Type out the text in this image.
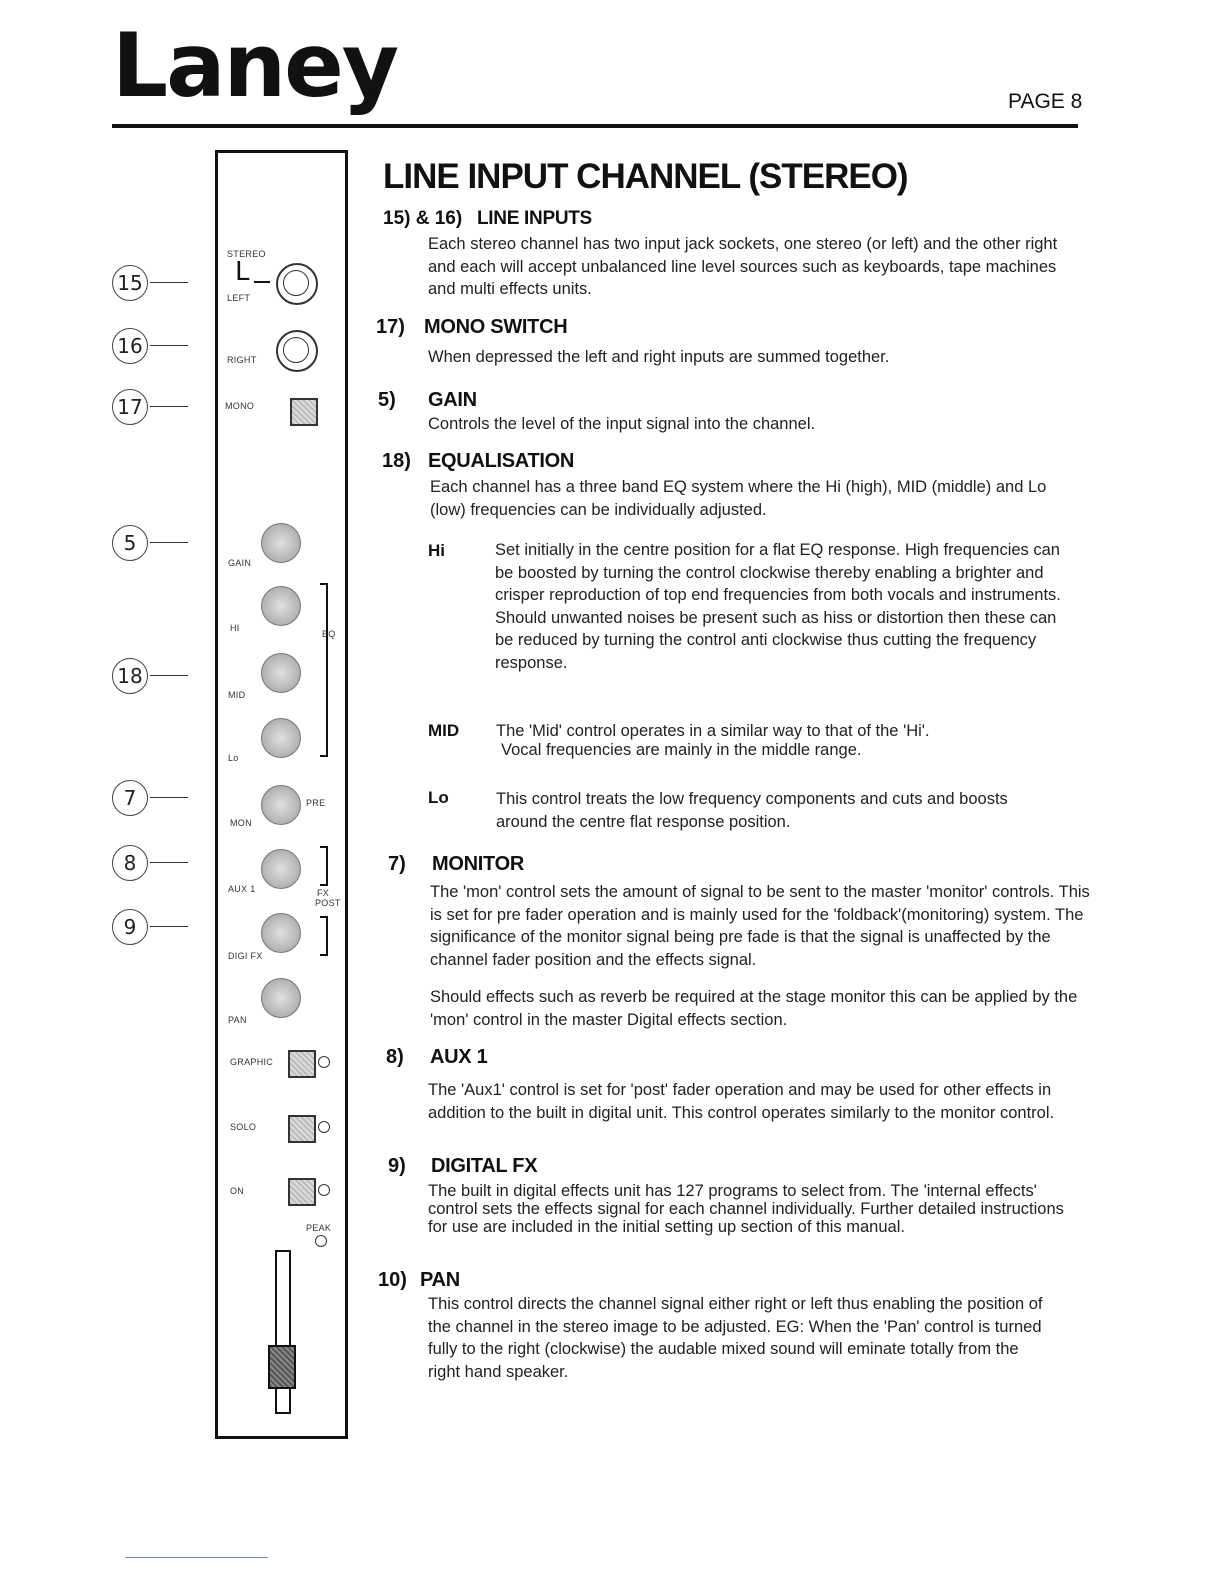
Laney	PAGE 8
LINE INPUT CHANNEL (STEREO)
STEREO
L
LEFT
RIGHT
MONO
GAIN
HI
EQ
MID
Lo
PRE
MON
AUX 1	FX
POST
DIGI FX
PAN
GRAPHIC
SOLO
ON
PEAK
15
16
17
5
18
7
8
9
15) & 16) LINE INPUTS
Each stereo channel has two input jack sockets, one stereo (or left) and the other right and each will accept unbalanced line level sources such as keyboards, tape machines and multi effects units.
17) MONO SWITCH
When depressed the left and right inputs are summed together.
5) GAIN
Controls the level of the input signal into the channel.
18) EQUALISATION
Each channel has a three band EQ system where the Hi (high), MID (middle) and Lo (low) frequencies can be individually adjusted.
Hi	Set initially in the centre position for a flat EQ response. High frequencies can be boosted by turning the control clockwise thereby enabling a brighter and crisper reproduction of top end frequencies from both vocals and instruments. Should unwanted noises be present such as hiss or distortion then these can be reduced by turning the control anti clockwise thus cutting the frequency response.
MID The 'Mid' control operates in a similar way to that of the 'Hi'.
Vocal frequencies are mainly in the middle range.
Lo	This control treats the low frequency components and cuts and boosts around the centre flat response position.
7) MONITOR
The 'mon' control sets the amount of signal to be sent to the master 'monitor' controls. This is set for pre fader operation and is mainly used for the 'foldback'(monitoring) system. The significance of the monitor signal being pre fade is that the signal is unaffected by the channel fader position and the effects signal.
Should effects such as reverb be required at the stage monitor this can be applied by the 'mon' control in the master Digital effects section.
8) AUX 1
The 'Aux1' control is set for 'post' fader operation and may be used for other effects in addition to the built in digital unit. This control operates similarly to the monitor control.
9) DIGITAL FX
The built in digital effects unit has 127 programs to select from. The 'internal effects' control sets the effects signal for each channel individually. Further detailed instructions for use are included in the initial setting up section of this manual.
10) PAN
This control directs the channel signal either right or left thus enabling the position of the channel in the stereo image to be adjusted. EG: When the 'Pan' control is turned fully to the right (clockwise) the audable mixed sound will eminate totally from the right hand speaker.
